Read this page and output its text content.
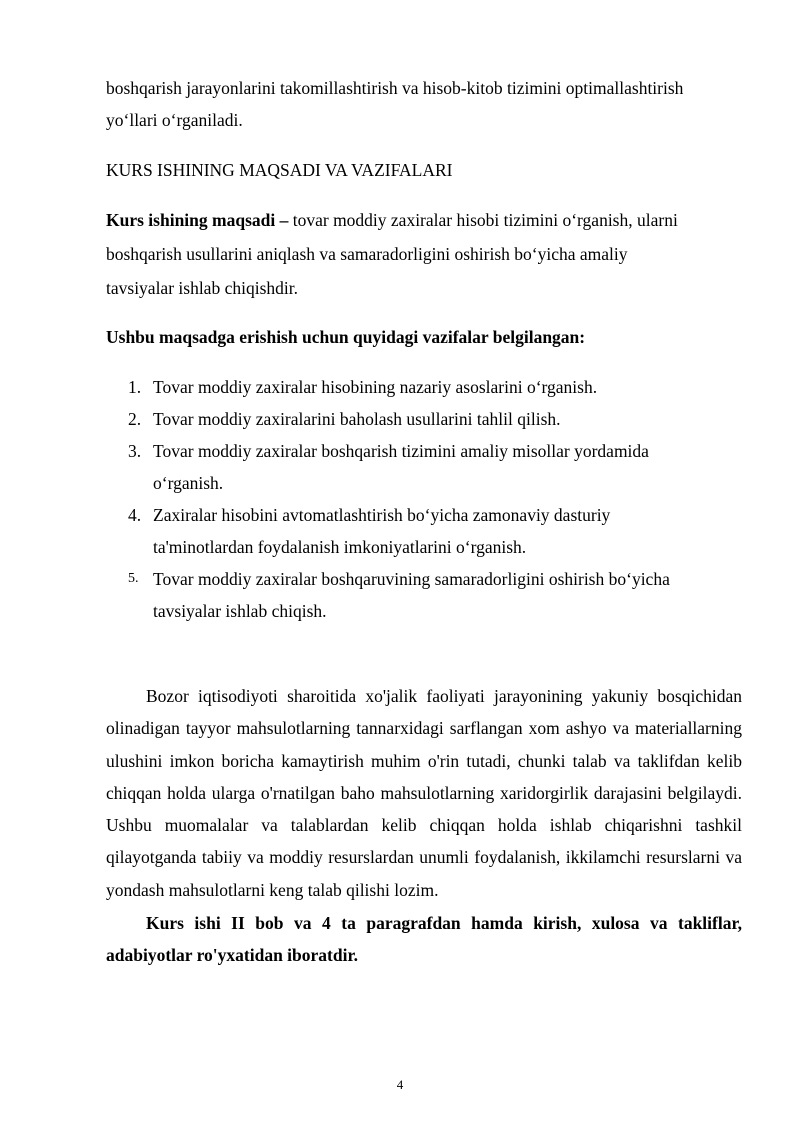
boshqarish jarayonlarini takomillashtirish va hisob-kitob tizimini optimallashtirish
yo‘llari o‘rganiladi.
KURS ISHINING MAQSADI VA VAZIFALARI
Kurs ishining maqsadi – tovar moddiy zaxiralar hisobi tizimini o‘rganish, ularni
boshqarish usullarini aniqlash va samaradorligini oshirish bo‘yicha amaliy
tavsiyalar ishlab chiqishdir.
Ushbu maqsadga erishish uchun quyidagi vazifalar belgilangan:
1. Tovar moddiy zaxiralar hisobining nazariy asoslarini o‘rganish.
2. Tovar moddiy zaxiralarini baholash usullarini tahlil qilish.
3. Tovar moddiy zaxiralar boshqarish tizimini amaliy misollar yordamida
o‘rganish.
4. Zaxiralar hisobini avtomatlashtirish bo‘yicha zamonaviy dasturiy
ta'minotlardan foydalanish imkoniyatlarini o‘rganish.
5. Tovar moddiy zaxiralar boshqaruvining samaradorligini oshirish bo‘yicha
tavsiyalar ishlab chiqish.
Bozor iqtisodiyoti sharoitida xo'jalik faoliyati jarayonining yakuniy bosqichidan olinadigan tayyor mahsulotlarning tannarxidagi sarflangan xom ashyo va materiallarning ulushini imkon boricha kamaytirish muhim o'rin tutadi, chunki talab va taklifdan kelib chiqqan holda ularga o'rnatilgan baho mahsulotlarning xaridorgirlik darajasini belgilaydi. Ushbu muomalalar va talablardan kelib chiqqan holda ishlab chiqarishni tashkil qilayotganda tabiiy va moddiy resurslardan unumli foydalanish, ikkilamchi resurslarni va yondash mahsulotlarni keng talab qilishi lozim.
Kurs ishi II bob va 4 ta paragrafdan hamda kirish, xulosa va takliflar, adabiyotlar ro'yxatidan iboratdir.
4
